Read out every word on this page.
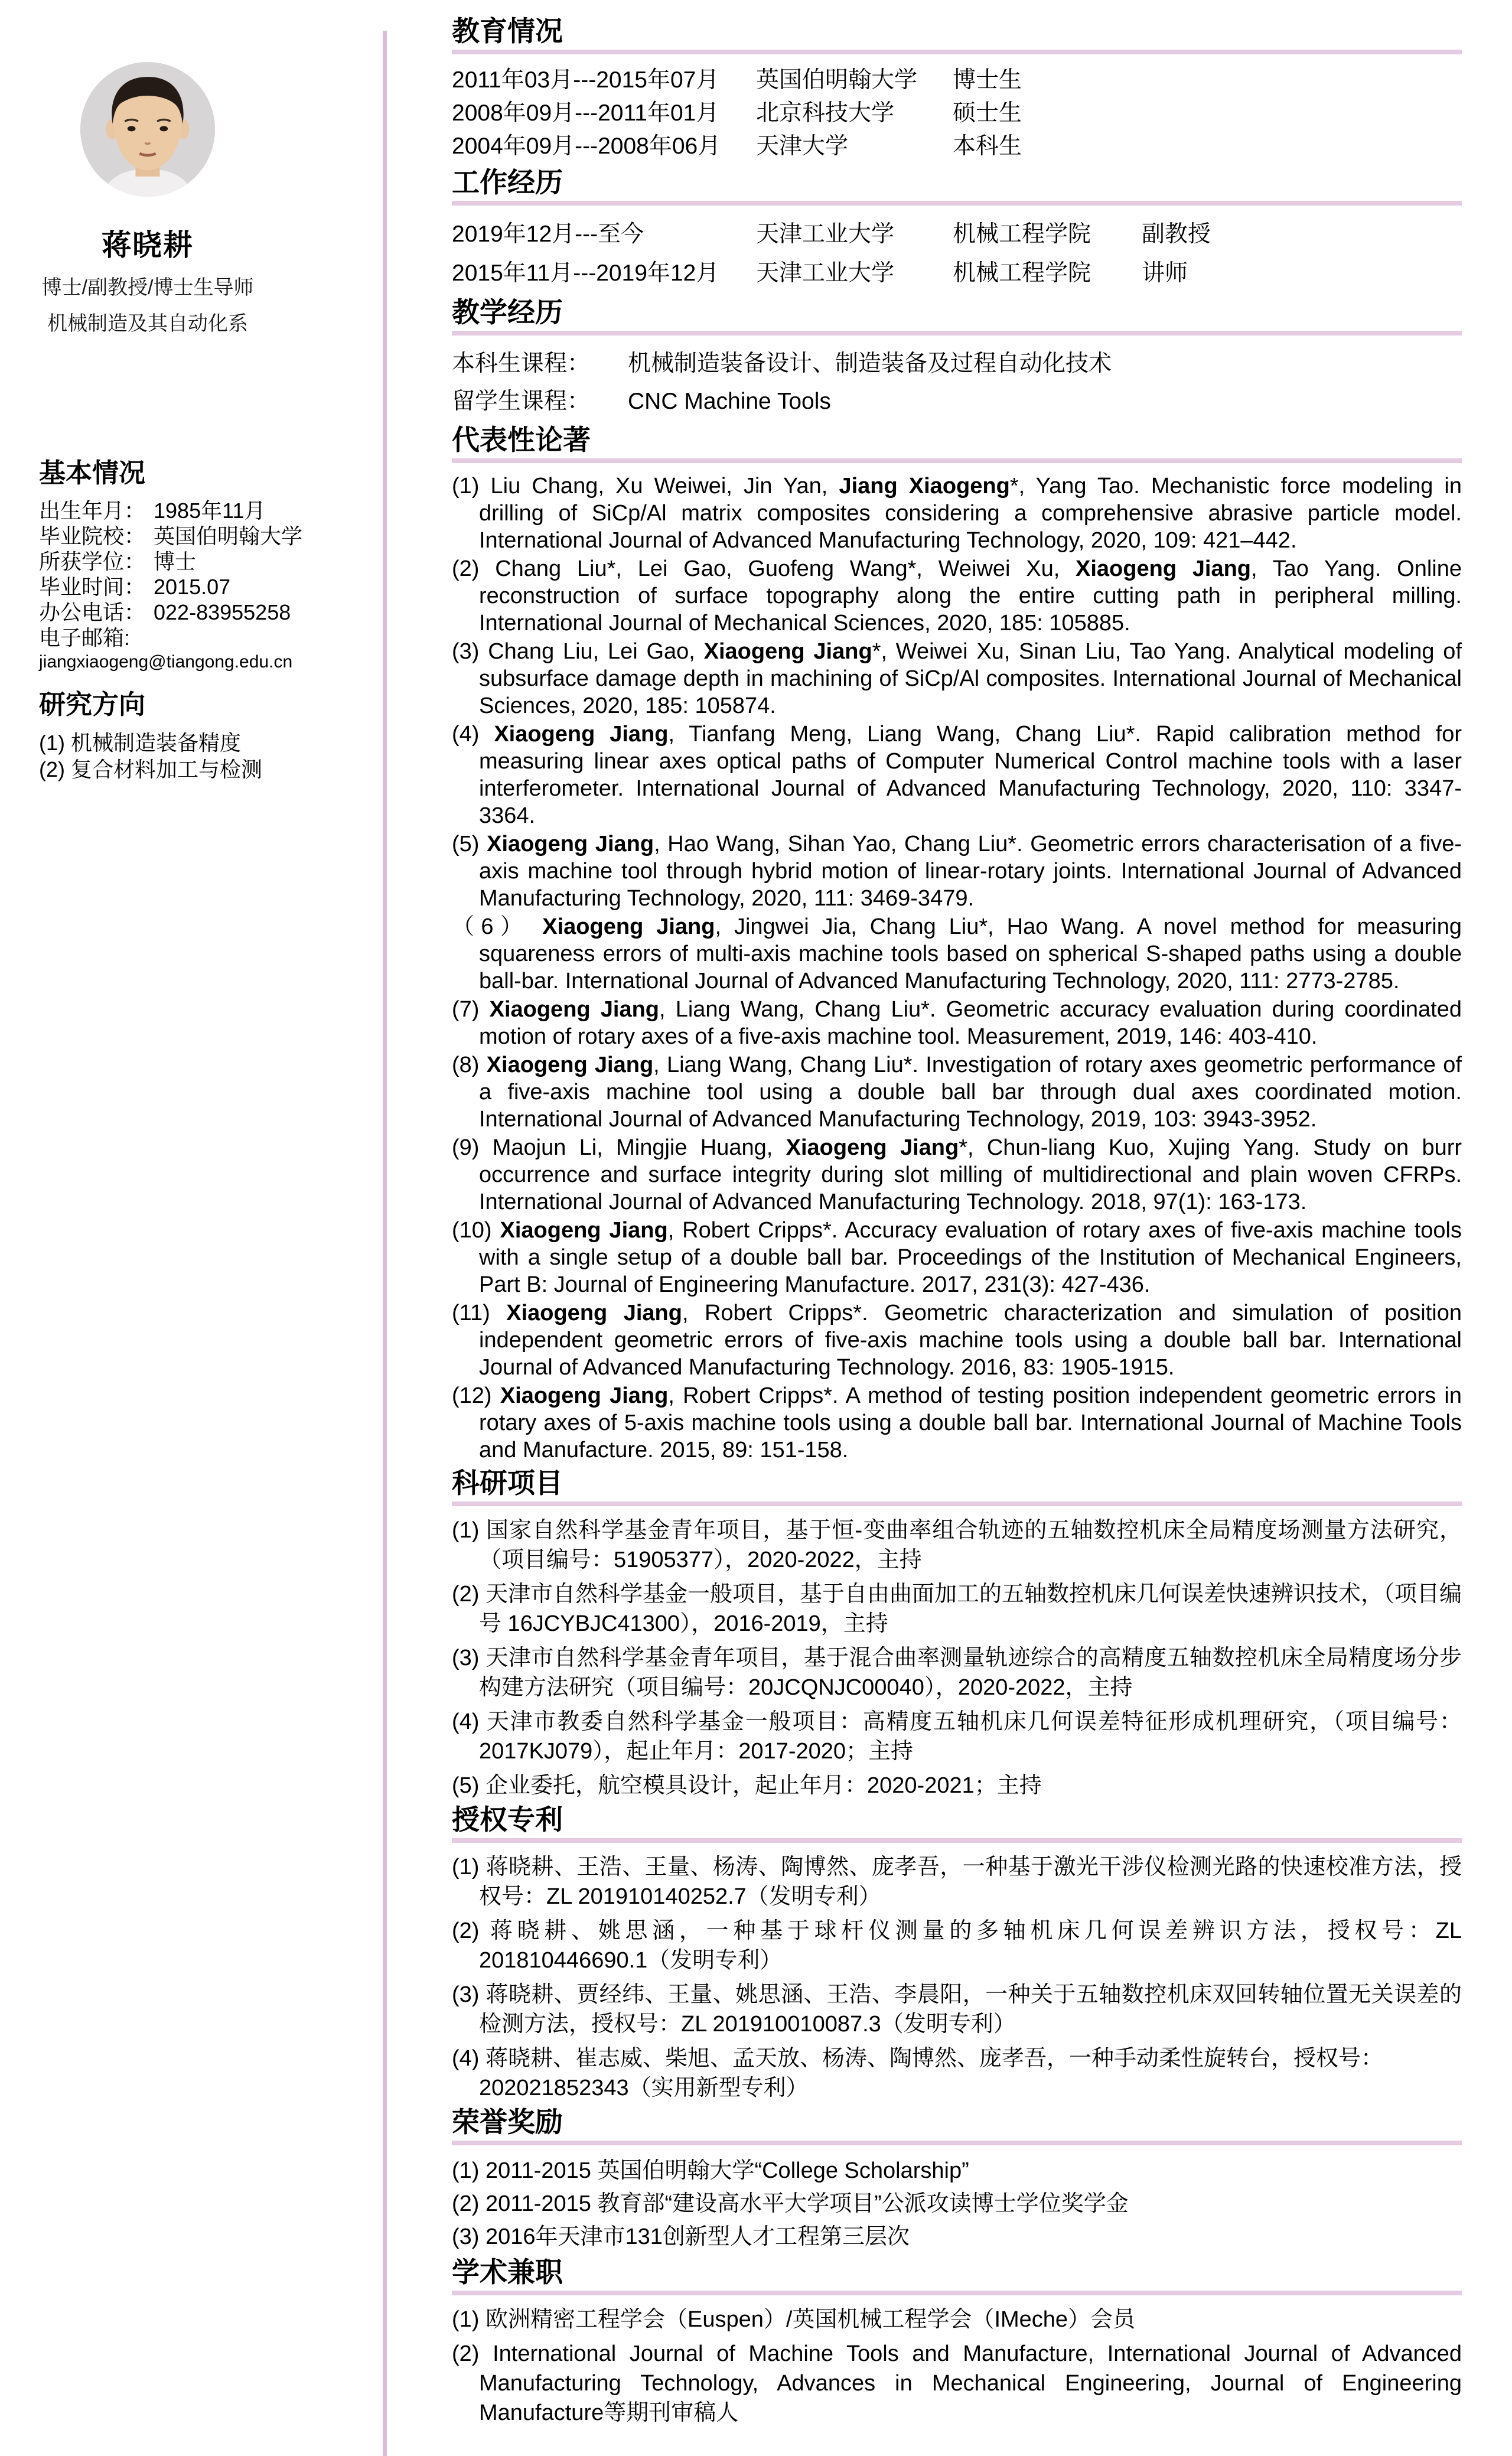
蒋晓耕
博士/副教授/博士生导师
机械制造及其自动化系
基本情况
出生年月： 1985年11月
毕业院校： 英国伯明翰大学
所获学位： 博士
毕业时间： 2015.07
办公电话： 022-83955258
电子邮箱:
jiangxiaogeng@tiangong.edu.cn
研究方向
(1) 机械制造装备精度
(2) 复合材料加工与检测
教育情况
2011年03月---2015年07月	英国伯明翰大学	博士生
2008年09月---2011年01月	北京科技大学	硕士生
2004年09月---2008年06月	天津大学	本科生
工作经历
2019年12月---至今	天津工业大学	机械工程学院	副教授
2015年11月---2019年12月	天津工业大学	机械工程学院	讲师
教学经历
本科生课程：	机械制造装备设计、制造装备及过程自动化技术
留学生课程：	CNC Machine Tools
代表性论著
(1) Liu Chang, Xu Weiwei, Jin Yan, Jiang Xiaogeng*, Yang Tao. Mechanistic force modeling in drilling of SiCp/Al matrix composites considering a comprehensive abrasive particle model. International Journal of Advanced Manufacturing Technology, 2020, 109: 421–442.
(2) Chang Liu*, Lei Gao, Guofeng Wang*, Weiwei Xu, Xiaogeng Jiang, Tao Yang. Online reconstruction of surface topography along the entire cutting path in peripheral milling. International Journal of Mechanical Sciences, 2020, 185: 105885.
(3) Chang Liu, Lei Gao, Xiaogeng Jiang*, Weiwei Xu, Sinan Liu, Tao Yang. Analytical modeling of subsurface damage depth in machining of SiCp/Al composites. International Journal of Mechanical Sciences, 2020, 185: 105874.
(4) Xiaogeng Jiang, Tianfang Meng, Liang Wang, Chang Liu*. Rapid calibration method for measuring linear axes optical paths of Computer Numerical Control machine tools with a laser interferometer. International Journal of Advanced Manufacturing Technology, 2020, 110: 3347-3364.
(5) Xiaogeng Jiang, Hao Wang, Sihan Yao, Chang Liu*. Geometric errors characterisation of a five-axis machine tool through hybrid motion of linear-rotary joints. International Journal of Advanced Manufacturing Technology, 2020, 111: 3469-3479.
（6） Xiaogeng Jiang, Jingwei Jia, Chang Liu*, Hao Wang. A novel method for measuring squareness errors of multi-axis machine tools based on spherical S-shaped paths using a double ball-bar. International Journal of Advanced Manufacturing Technology, 2020, 111: 2773-2785.
(7) Xiaogeng Jiang, Liang Wang, Chang Liu*. Geometric accuracy evaluation during coordinated motion of rotary axes of a five-axis machine tool. Measurement, 2019, 146: 403-410.
(8) Xiaogeng Jiang, Liang Wang, Chang Liu*. Investigation of rotary axes geometric performance of a five-axis machine tool using a double ball bar through dual axes coordinated motion. International Journal of Advanced Manufacturing Technology, 2019, 103: 3943-3952.
(9) Maojun Li, Mingjie Huang, Xiaogeng Jiang*, Chun-liang Kuo, Xujing Yang. Study on burr occurrence and surface integrity during slot milling of multidirectional and plain woven CFRPs. International Journal of Advanced Manufacturing Technology. 2018, 97(1): 163-173.
(10) Xiaogeng Jiang, Robert Cripps*. Accuracy evaluation of rotary axes of five-axis machine tools with a single setup of a double ball bar. Proceedings of the Institution of Mechanical Engineers, Part B: Journal of Engineering Manufacture. 2017, 231(3): 427-436.
(11) Xiaogeng Jiang, Robert Cripps*. Geometric characterization and simulation of position independent geometric errors of five-axis machine tools using a double ball bar. International Journal of Advanced Manufacturing Technology. 2016, 83: 1905-1915.
(12) Xiaogeng Jiang, Robert Cripps*. A method of testing position independent geometric errors in rotary axes of 5-axis machine tools using a double ball bar. International Journal of Machine Tools and Manufacture. 2015, 89: 151-158.
科研项目
(1) 国家自然科学基金青年项目，基于恒-变曲率组合轨迹的五轴数控机床全局精度场测量方法研究，（项目编号：51905377），2020-2022，主持
(2) 天津市自然科学基金一般项目，基于自由曲面加工的五轴数控机床几何误差快速辨识技术，（项目编号 16JCYBJC41300），2016-2019，主持
(3) 天津市自然科学基金青年项目，基于混合曲率测量轨迹综合的高精度五轴数控机床全局精度场分步构建方法研究（项目编号：20JCQNJC00040），2020-2022，主持
(4) 天津市教委自然科学基金一般项目：高精度五轴机床几何误差特征形成机理研究，（项目编号：2017KJ079），起止年月：2017-2020；主持
(5) 企业委托，航空模具设计，起止年月：2020-2021；主持
授权专利
(1) 蒋晓耕、王浩、王量、杨涛、陶博然、庞孝吾，一种基于激光干涉仪检测光路的快速校准方法，授权号：ZL 201910140252.7（发明专利）
(2) 蒋晓耕、姚思涵，一种基于球杆仪测量的多轴机床几何误差辨识方法，授权号：ZL 201810446690.1（发明专利）
(3) 蒋晓耕、贾经纬、王量、姚思涵、王浩、李晨阳，一种关于五轴数控机床双回转轴位置无关误差的检测方法，授权号：ZL 201910010087.3（发明专利）
(4) 蒋晓耕、崔志威、柴旭、孟天放、杨涛、陶博然、庞孝吾，一种手动柔性旋转台，授权号：
202021852343（实用新型专利）
荣誉奖励
(1) 2011-2015 英国伯明翰大学“College Scholarship”
(2) 2011-2015 教育部“建设高水平大学项目”公派攻读博士学位奖学金
(3) 2016年天津市131创新型人才工程第三层次
学术兼职
(1) 欧洲精密工程学会（Euspen）/英国机械工程学会（IMeche）会员
(2) International Journal of Machine Tools and Manufacture, International Journal of Advanced Manufacturing Technology, Advances in Mechanical Engineering, Journal of Engineering Manufacture等期刊审稿人
